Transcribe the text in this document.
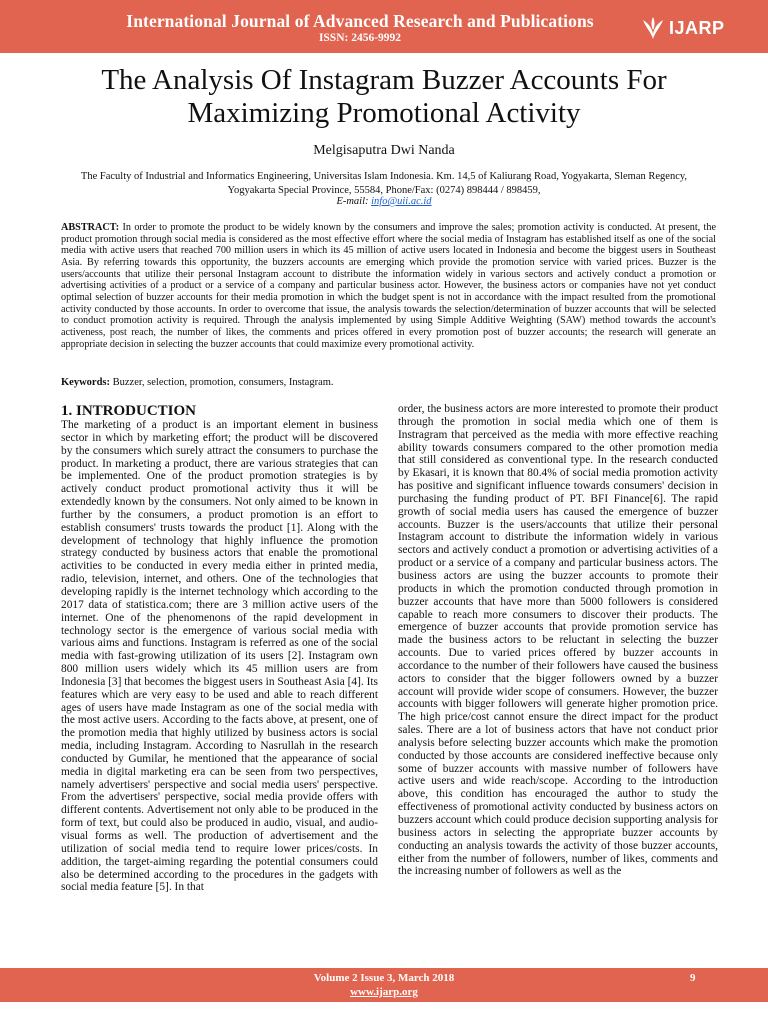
International Journal of Advanced Research and Publications
ISSN: 2456-9992
IJARP
The Analysis Of Instagram Buzzer Accounts For Maximizing Promotional Activity
Melgisaputra Dwi Nanda
The Faculty of Industrial and Informatics Engineering, Universitas Islam Indonesia. Km. 14,5 of Kaliurang Road, Yogyakarta, Sleman Regency, Yogyakarta Special Province, 55584, Phone/Fax: (0274) 898444 / 898459,
E-mail: info@uii.ac.id
ABSTRACT: In order to promote the product to be widely known by the consumers and improve the sales; promotion activity is conducted. At present, the product promotion through social media is considered as the most effective effort where the social media of Instagram has established itself as one of the social media with active users that reached 700 million users in which its 45 million of active users located in Indonesia and become the biggest users in Southeast Asia. By referring towards this opportunity, the buzzers accounts are emerging which provide the promotion service with varied prices. Buzzer is the users/accounts that utilize their personal Instagram account to distribute the information widely in various sectors and actively conduct a promotion or advertising activities of a product or a service of a company and particular business actor. However, the business actors or companies have not yet conduct optimal selection of buzzer accounts for their media promotion in which the budget spent is not in accordance with the impact resulted from the promotional activity conducted by those accounts. In order to overcome that issue, the analysis towards the selection/determination of buzzer accounts that will be selected to conduct promotion activity is required. Through the analysis implemented by using Simple Additive Weighting (SAW) method towards the account's activeness, post reach, the number of likes, the comments and prices offered in every promotion post of buzzer accounts; the research will generate an appropriate decision in selecting the buzzer accounts that could maximize every promotional activity.
Keywords: Buzzer, selection, promotion, consumers, Instagram.
1. INTRODUCTION
The marketing of a product is an important element in business sector in which by marketing effort; the product will be discovered by the consumers which surely attract the consumers to purchase the product. In marketing a product, there are various strategies that can be implemented. One of the product promotion strategies is by actively conduct product promotional activity thus it will be extendedly known by the consumers. Not only aimed to be known in further by the consumers, a product promotion is an effort to establish consumers' trusts towards the product [1]. Along with the development of technology that highly influence the promotion strategy conducted by business actors that enable the promotional activities to be conducted in every media either in printed media, radio, television, internet, and others. One of the technologies that developing rapidly is the internet technology which according to the 2017 data of statistica.com; there are 3 million active users of the internet. One of the phenomenons of the rapid development in technology sector is the emergence of various social media with various aims and functions. Instagram is referred as one of the social media with fast-growing utilization of its users [2]. Instagram own 800 million users widely which its 45 million users are from Indonesia [3] that becomes the biggest users in Southeast Asia [4]. Its features which are very easy to be used and able to reach different ages of users have made Instagram as one of the social media with the most active users. According to the facts above, at present, one of the promotion media that highly utilized by business actors is social media, including Instagram. According to Nasrullah in the research conducted by Gumilar, he mentioned that the appearance of social media in digital marketing era can be seen from two perspectives, namely advertisers' perspective and social media users' perspective. From the advertisers' perspective, social media provide offers with different contents. Advertisement not only able to be produced in the form of text, but could also be produced in audio, visual, and audio-visual forms as well. The production of advertisement and the utilization of social media tend to require lower prices/costs. In addition, the target-aiming regarding the potential consumers could also be determined according to the procedures in the gadgets with social media feature [5]. In that
order, the business actors are more interested to promote their product through the promotion in social media which one of them is Instragram that perceived as the media with more effective reaching ability towards consumers compared to the other promotion media that still considered as conventional type. In the research conducted by Ekasari, it is known that 80.4% of social media promotion activity has positive and significant influence towards consumers' decision in purchasing the funding product of PT. BFI Finance[6]. The rapid growth of social media users has caused the emergence of buzzer accounts. Buzzer is the users/accounts that utilize their personal Instagram account to distribute the information widely in various sectors and actively conduct a promotion or advertising activities of a product or a service of a company and particular business actors. The business actors are using the buzzer accounts to promote their products in which the promotion conducted through promotion in buzzer accounts that have more than 5000 followers is considered capable to reach more consumers to discover their products. The emergence of buzzer accounts that provide promotion service has made the business actors to be reluctant in selecting the buzzer accounts. Due to varied prices offered by buzzer accounts in accordance to the number of their followers have caused the business actors to consider that the bigger followers owned by a buzzer account will provide wider scope of consumers. However, the buzzer accounts with bigger followers will generate higher promotion price. The high price/cost cannot ensure the direct impact for the product sales. There are a lot of business actors that have not conduct prior analysis before selecting buzzer accounts which make the promotion conducted by those accounts are considered ineffective because only some of buzzer accounts with massive number of followers have active users and wide reach/scope. According to the introduction above, this condition has encouraged the author to study the effectiveness of promotional activity conducted by business actors on buzzers account which could produce decision supporting analysis for business actors in selecting the appropriate buzzer accounts by conducting an analysis towards the activity of those buzzer accounts, either from the number of followers, number of likes, comments and the increasing number of followers as well as the
Volume 2 Issue 3, March 2018
www.ijarp.org
9
